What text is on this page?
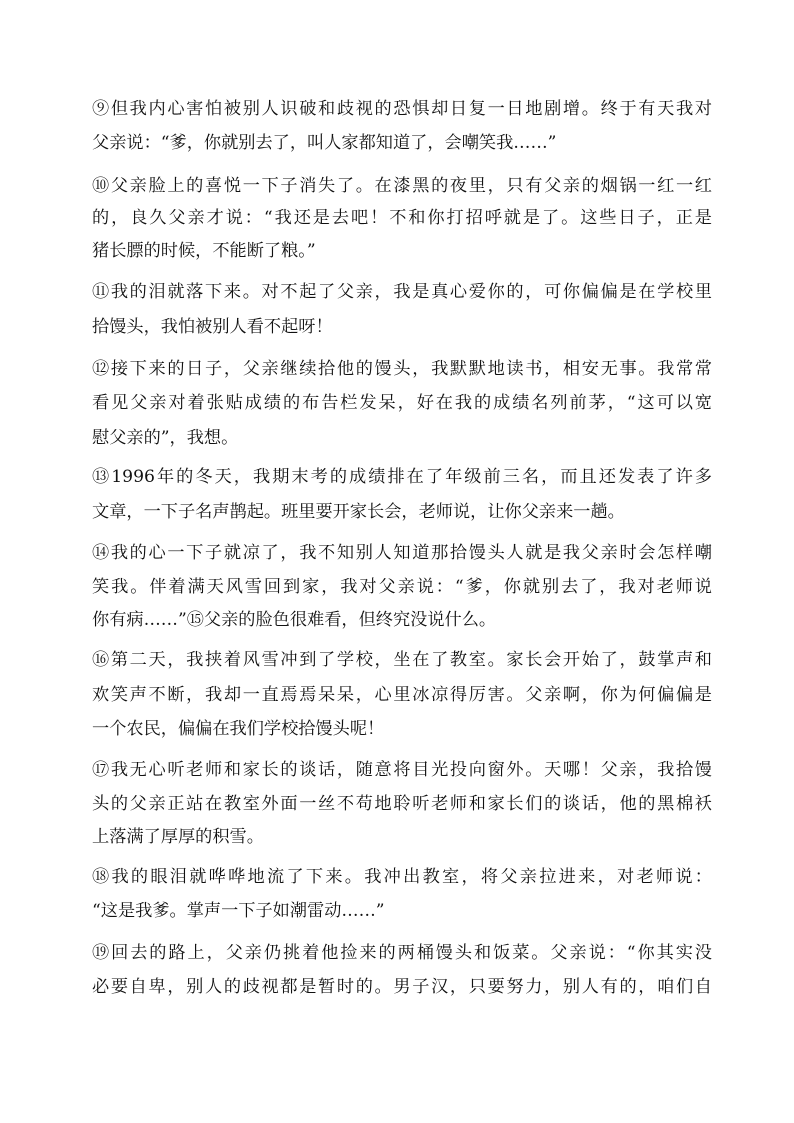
⑨但我内心害怕被别人识破和歧视的恐惧却日复一日地剧增。终于有天我对
父亲说：“爹，你就别去了，叫人家都知道了，会嘲笑我……”
⑩父亲脸上的喜悦一下子消失了。在漆黑的夜里，只有父亲的烟锅一红一红
的，良久父亲才说：“我还是去吧！不和你打招呼就是了。这些日子，正是
猪长膘的时候，不能断了粮。”
⑪我的泪就落下来。对不起了父亲，我是真心爱你的，可你偏偏是在学校里
拾馒头，我怕被别人看不起呀！
⑫接下来的日子，父亲继续拾他的馒头，我默默地读书，相安无事。我常常
看见父亲对着张贴成绩的布告栏发呆，好在我的成绩名列前茅，“这可以宽
慰父亲的”，我想。
⑬1996年的冬天，我期末考的成绩排在了年级前三名，而且还发表了许多
文章，一下子名声鹊起。班里要开家长会，老师说，让你父亲来一趟。
⑭我的心一下子就凉了，我不知别人知道那拾馒头人就是我父亲时会怎样嘲
笑我。伴着满天风雪回到家，我对父亲说：“爹，你就别去了，我对老师说
你有病……”⑮父亲的脸色很难看，但终究没说什么。
⑯第二天，我挟着风雪冲到了学校，坐在了教室。家长会开始了，鼓掌声和
欢笑声不断，我却一直焉焉呆呆，心里冰凉得厉害。父亲啊，你为何偏偏是
一个农民，偏偏在我们学校拾馒头呢！
⑰我无心听老师和家长的谈话，随意将目光投向窗外。天哪！父亲，我拾馒
头的父亲正站在教室外面一丝不苟地聆听老师和家长们的谈话，他的黑棉袄
上落满了厚厚的积雪。
⑱我的眼泪就哗哗地流了下来。我冲出教室，将父亲拉进来，对老师说：
“这是我爹。掌声一下子如潮雷动……”
⑲回去的路上，父亲仍挑着他捡来的两桶馒头和饭菜。父亲说：“你其实没
必要自卑，别人的歧视都是暂时的。男子汉，只要努力，别人有的，咱们自
